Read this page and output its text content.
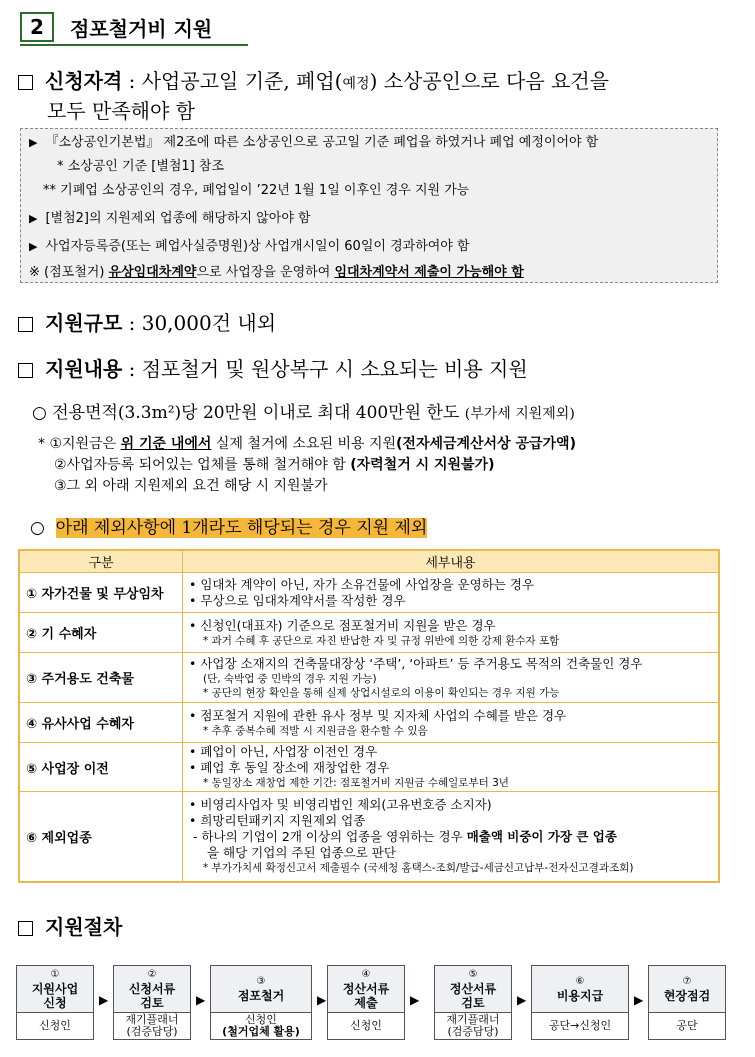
2	점포철거비 지원
신청자격 : 사업공고일 기준, 폐업(예정) 소상공인으로 다음 요건을
모두 만족해야 함
▶ 『소상공인기본법』 제2조에 따른 소상공인으로 공고일 기준 폐업을 하였거나 폐업 예정이어야 함
* 소상공인 기준 [별첨1] 참조
** 기폐업 소상공인의 경우, 폐업일이 ’22년 1월 1일 이후인 경우 지원 가능
▶ [별첨2]의 지원제외 업종에 해당하지 않아야 함
▶ 사업자등록증(또는 폐업사실증명원)상 사업개시일이 60일이 경과하여야 함
※ (점포철거) 유상임대차계약으로 사업장을 운영하여 임대차계약서 제출이 가능해야 함
지원규모 : 30,000건 내외
지원내용 : 점포철거 및 원상복구 시 소요되는 비용 지원
○ 전용면적(3.3m²)당 20만원 이내로 최대 400만원 한도 (부가세 지원제외)
* ①지원금은 위 기준 내에서 실제 철거에 소요된 비용 지원(전자세금계산서상 공급가액)
②사업자등록 되어있는 업체를 통해 철거해야 함 (자력철거 시 지원불가)
③그 외 아래 지원제외 요건 해당 시 지원불가
○ 아래 제외사항에 1개라도 해당되는 경우 지원 제외
구분	세부내용
① 자가건물 및 무상임차	• 임대차 계약이 아닌, 자가 소유건물에 사업장을 운영하는 경우
• 무상으로 임대차계약서를 작성한 경우

② 기 수혜자	• 신청인(대표자) 기준으로 점포철거비 지원을 받은 경우
* 과거 수혜 후 공단으로 자진 반납한 자 및 규정 위반에 의한 강제 환수자 포함

③ 주거용도 건축물	• 사업장 소재지의 건축물대장상 ‘주택’, ‘아파트’ 등 주거용도 목적의 건축물인 경우
(단, 숙박업 중 민박의 경우 지원 가능)
* 공단의 현장 확인을 통해 실제 상업시설로의 이용이 확인되는 경우 지원 가능

④ 유사사업 수혜자	• 점포철거 지원에 관한 유사 정부 및 지자체 사업의 수혜를 받은 경우
* 추후 중복수혜 적발 시 지원금을 환수할 수 있음

⑤ 사업장 이전	• 폐업이 아닌, 사업장 이전인 경우
• 폐업 후 동일 장소에 재창업한 경우
* 동일장소 재창업 제한 기간: 점포철거비 지원금 수혜일로부터 3년

⑥ 제외업종	• 비영리사업자 및 비영리법인 제외(고유번호증 소지자)
• 희망리턴패키지 지원제외 업종
- 하나의 기업이 2개 이상의 업종을 영위하는 경우 매출액 비중이 가장 큰 업종
을 해당 기업의 주된 업종으로 판단
* 부가가치세 확정신고서 제출필수 (국세청 홈택스-조회/발급-세금신고납부-전자신고결과조회)
지원절차
①
지원사업
신청
신청인
▶
②
신청서류
검토
재기플래너
(검증담당)
▶
③
점포철거
신청인
(철거업체 활용)
▶
④
정산서류
제출
신청인
▶
⑤
정산서류
검토
재기플래너
(검증담당)
▶
⑥
비용지급
공단→신청인
▶
⑦
현장점검
공단
